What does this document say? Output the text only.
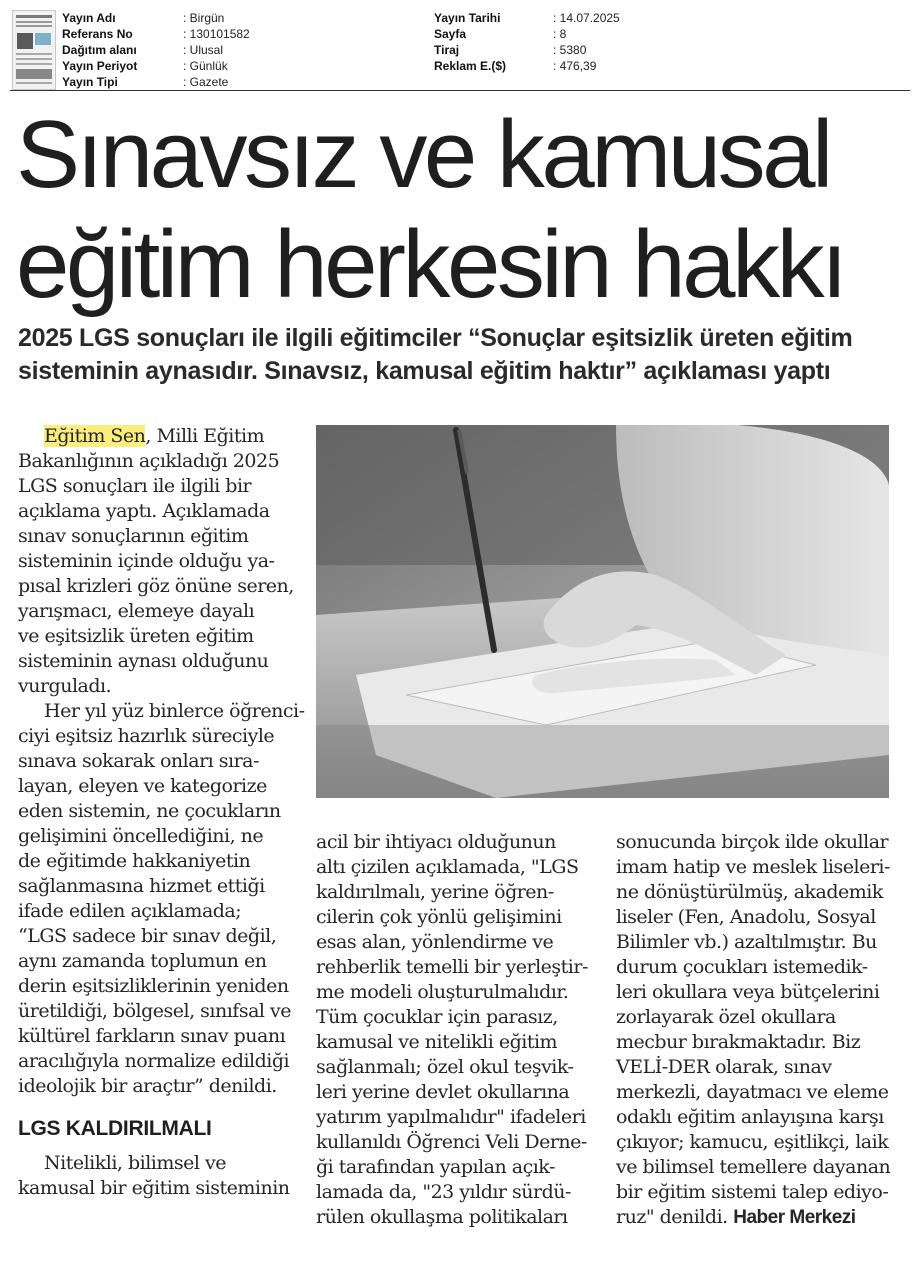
Yayın Adı	: Birgün
Referans No	: 130101582
Dağıtım alanı	: Ulusal
Yayın Periyot	: Günlük
Yayın Tipi	: Gazete
Yayın Tarihi	: 14.07.2025
Sayfa	: 8
Tiraj	: 5380
Reklam E.($)	: 476,39
Sınavsız ve kamusal eğitim herkesin hakkı
2025 LGS sonuçları ile ilgili eğitimciler “Sonuçlar eşitsizlik üreten eğitim sisteminin aynasıdır. Sınavsız, kamusal eğitim haktır” açıklaması yaptı

Eğitim Sen, Milli Eğitim

Bakanlığının açıkladığı 2025

LGS sonuçları ile ilgili bir

açıklama yaptı. Açıklamada

sınav sonuçlarının eğitim

sisteminin içinde olduğu ya-

pısal krizleri göz önüne seren,

yarışmacı, elemeye dayalı

ve eşitsizlik üreten eğitim

sisteminin aynası olduğunu

vurguladı.

Her yıl yüz binlerce öğrenci-

ciyi eşitsiz hazırlık süreciyle

sınava sokarak onları sıra-

layan, eleyen ve kategorize

eden sistemin, ne çocukların

gelişimini öncellediğini, ne

de eğitimde hakkaniyetin

sağlanmasına hizmet ettiği

ifade edilen açıklamada;

“LGS sadece bir sınav değil,

aynı zamanda toplumun en

derin eşitsizliklerinin yeniden

üretildiği, bölgesel, sınıfsal ve

kültürel farkların sınav puanı

aracılığıyla normalize edildiği

ideolojik bir araçtır” denildi.

LGS KALDIRILMALI

Nitelikli, bilimsel ve

kamusal bir eğitim sisteminin

acil bir ihtiyacı olduğunun

altı çizilen açıklamada, "LGS

kaldırılmalı, yerine öğren-

cilerin çok yönlü gelişimini

esas alan, yönlendirme ve

rehberlik temelli bir yerleştir-

me modeli oluşturulmalıdır.

Tüm çocuklar için parasız,

kamusal ve nitelikli eğitim

sağlanmalı; özel okul teşvik-

leri yerine devlet okullarına

yatırım yapılmalıdır" ifadeleri

kullanıldı Öğrenci Veli Derne-

ği tarafından yapılan açık-

lamada da, "23 yıldır sürdü-

rülen okullaşma politikaları

sonucunda birçok ilde okullar

imam hatip ve meslek liseleri-

ne dönüştürülmüş, akademik

liseler (Fen, Anadolu, Sosyal

Bilimler vb.) azaltılmıştır. Bu

durum çocukları istemedik-

leri okullara veya bütçelerini

zorlayarak özel okullara

mecbur bırakmaktadır. Biz

VELİ-DER olarak, sınav

merkezli, dayatmacı ve eleme

odaklı eğitim anlayışına karşı

çıkıyor; kamucu, eşitlikçi, laik

ve bilimsel temellere dayanan

bir eğitim sistemi talep ediyo-

ruz" denildi. Haber Merkezi
